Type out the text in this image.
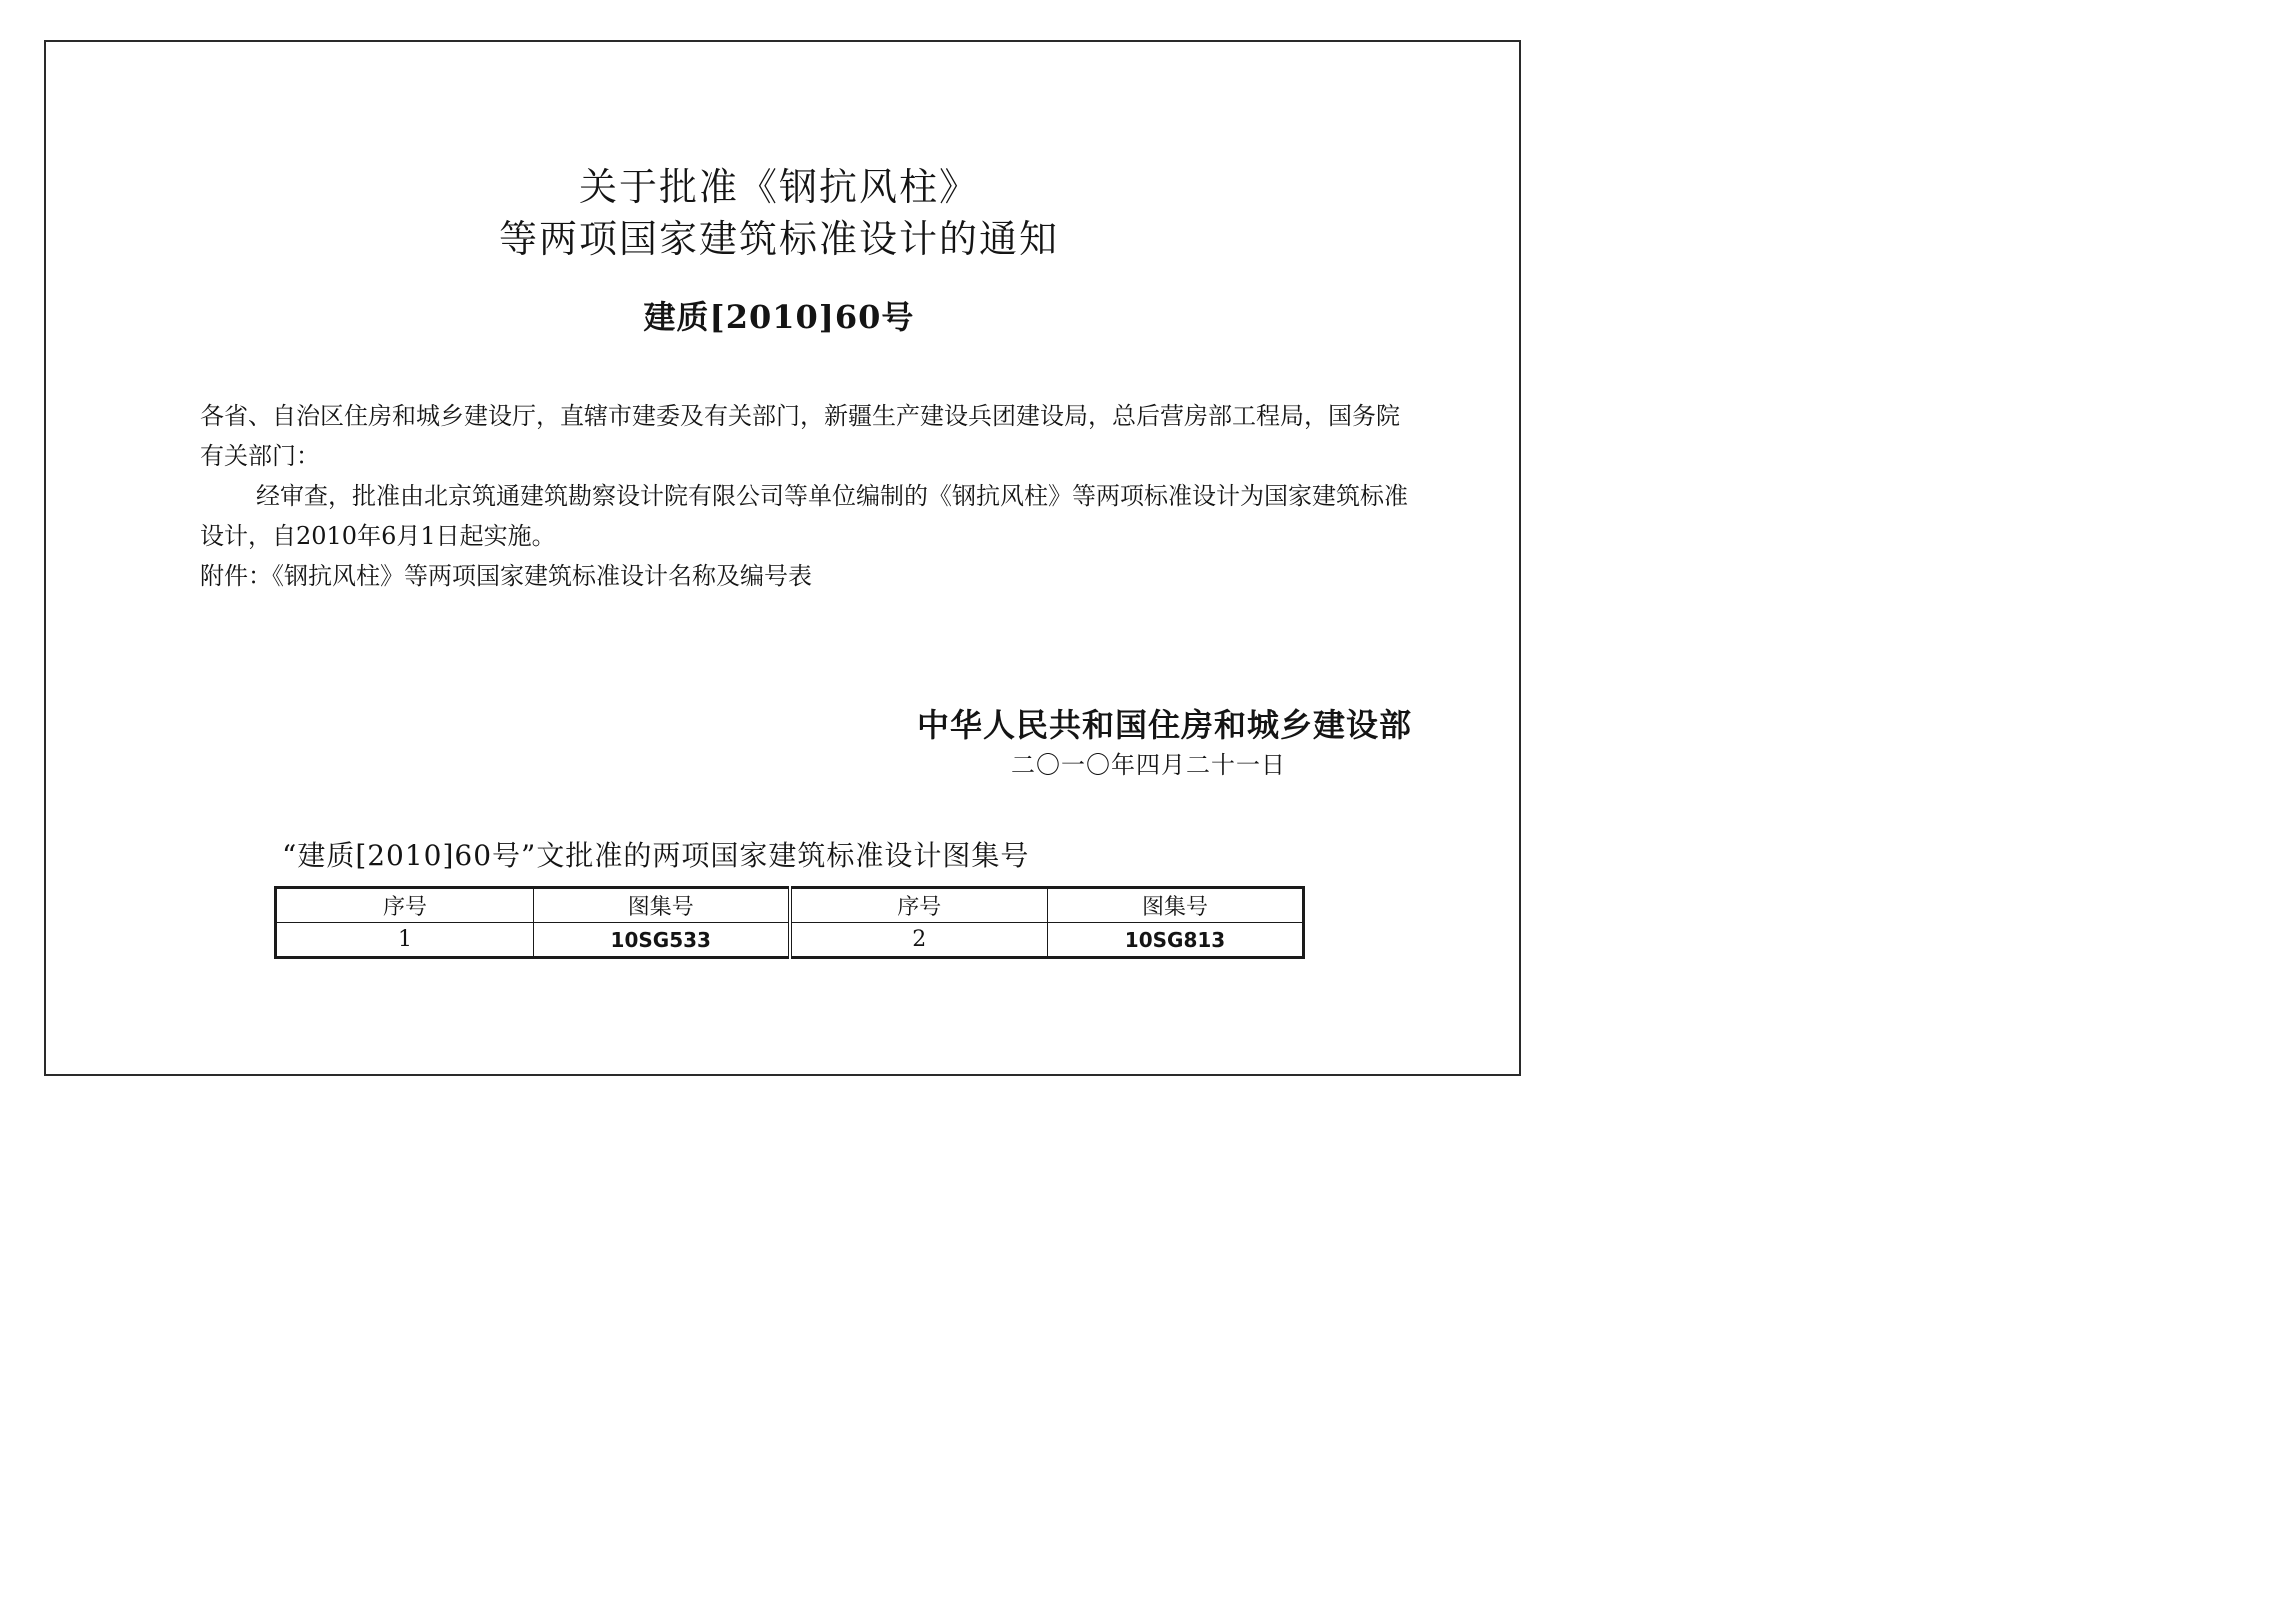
关于批准《钢抗风柱》
等两项国家建筑标准设计的通知
建质[2010]60号

各省、自治区住房和城乡建设厅，直辖市建委及有关部门，新疆生产建设兵团建设局，总后营房部工程局，国务院有关部门：

经审查，批准由北京筑通建筑勘察设计院有限公司等单位编制的《钢抗风柱》等两项标准设计为国家建筑标准设计，自2010年6月1日起实施。

附件：《钢抗风柱》等两项国家建筑标准设计名称及编号表

中华人民共和国住房和城乡建设部
二〇一〇年四月二十一日
“建质[2010]60号”文批准的两项国家建筑标准设计图集号
序号	图集号	序号	图集号
1	10SG533	2	10SG813
